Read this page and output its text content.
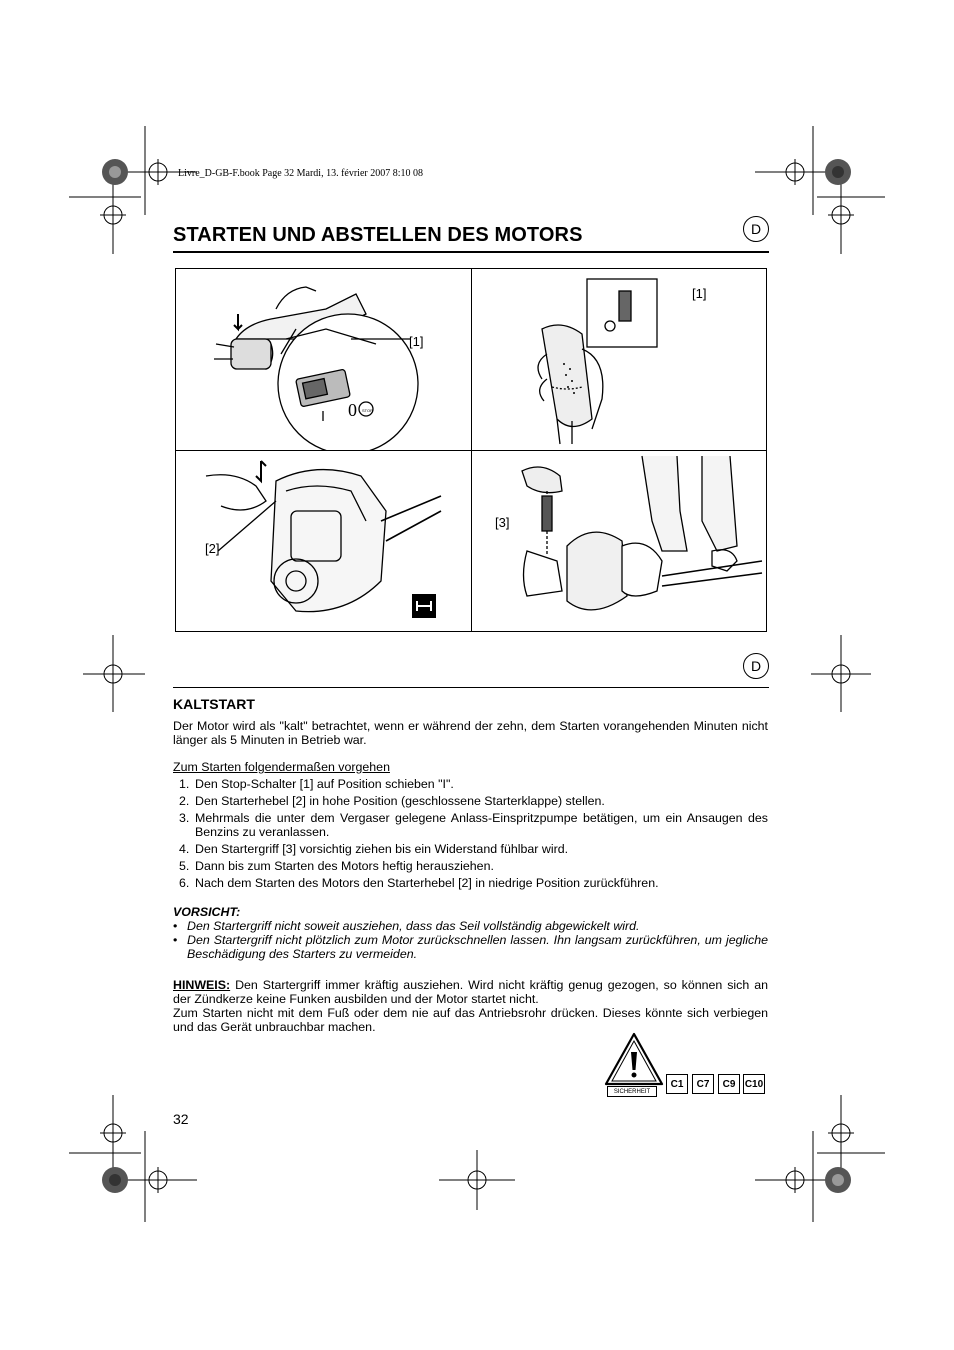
Livre_D-GB-F.book Page 32 Mardi, 13. février 2007 8:10 08
STARTEN UND ABSTELLEN DES MOTORS	D
0 STOP
[1]
[1]
[2]
[3]
D
KALTSTART
Der Motor wird als "kalt" betrachtet, wenn er während der zehn, dem Starten vorangehenden Minuten nicht länger als 5 Minuten in Betrieb war.
Zum Starten folgendermaßen vorgehen
1. Den Stop-Schalter [1] auf Position schieben "I".
2. Den Starterhebel [2] in hohe Position (geschlossene Starterklappe) stellen.
3. Mehrmals die unter dem Vergaser gelegene Anlass-Einspritzpumpe betätigen, um ein Ansaugen des Benzins zu veranlassen.
4. Den Startergriff [3] vorsichtig ziehen bis ein Widerstand fühlbar wird.
5. Dann bis zum Starten des Motors heftig herausziehen.
6. Nach dem Starten des Motors den Starterhebel [2] in niedrige Position zurückführen.
VORSICHT:
• Den Startergriff nicht soweit ausziehen, dass das Seil vollständig abgewickelt wird.
• Den Startergriff nicht plötzlich zum Motor zurückschnellen lassen. Ihn langsam zurückführen, um jegliche Beschädigung des Starters zu vermeiden.
HINWEIS: Den Startergriff immer kräftig ausziehen. Wird nicht kräftig genug gezogen, so können sich an der Zündkerze keine Funken ausbilden und der Motor startet nicht.
Zum Starten nicht mit dem Fuß oder dem nie auf das Antriebsrohr drücken. Dieses könnte sich verbiegen und das Gerät unbrauchbar machen.
SICHERHEIT
C1	C7	C9 C10
32
